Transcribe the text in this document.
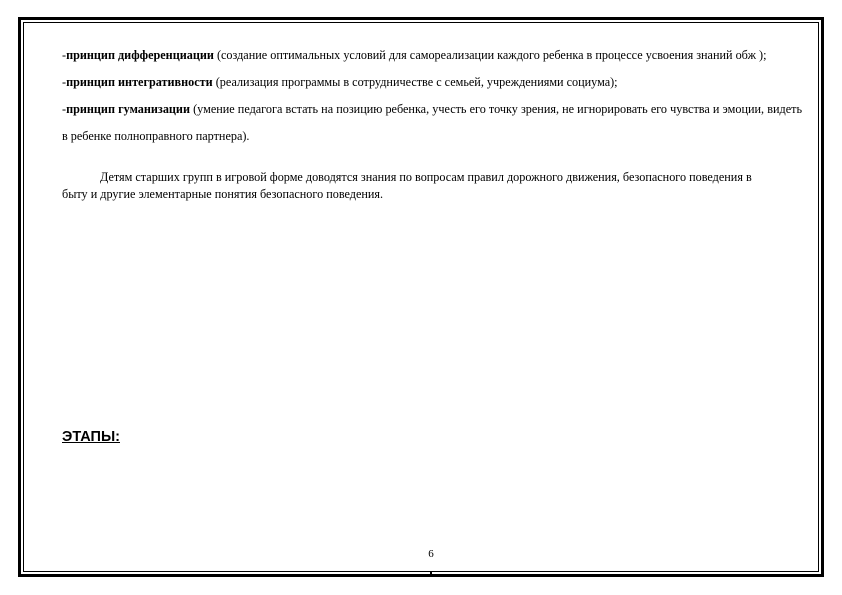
-принцип дифференциации (создание оптимальных условий для самореализации каждого ребенка в процессе усвоения знаний обж );

-принцип интегративности (реализация программы в сотрудничестве с семьей, учреждениями социума);

-принцип гуманизации (умение педагога встать на позицию ребенка, учесть его точку зрения, не игнорировать его чувства и эмоции, видеть в ребенке полноправного партнера).

Детям старших групп в игровой форме доводятся знания по вопросам правил дорожного движения, безопасного поведения в быту и другие элементарные понятия безопасного поведения.

ЭТАПЫ:
6
